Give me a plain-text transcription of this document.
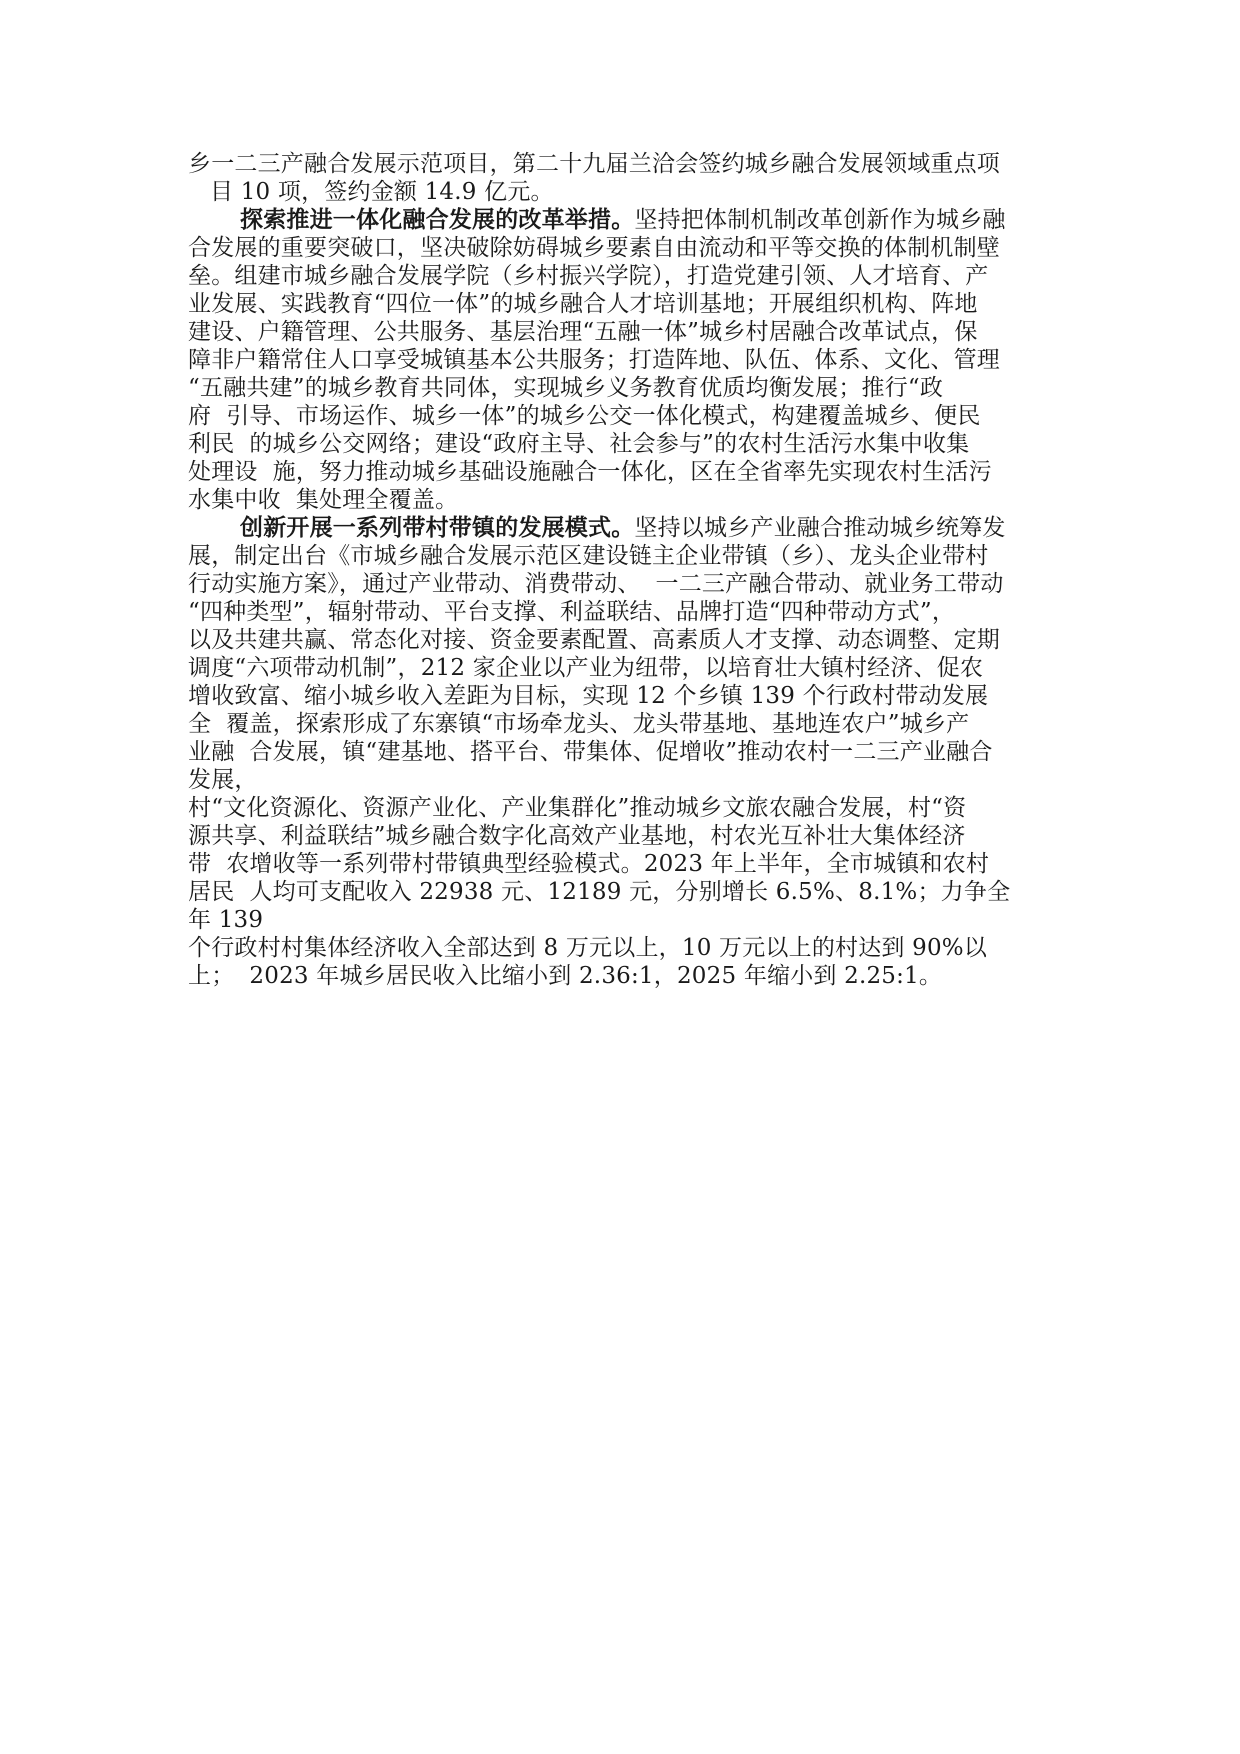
乡一二三产融合发展示范项目，第二十九届兰洽会签约城乡融合发展领域重点项
目 10 项，签约金额 14.9 亿元。
探索推进一体化融合发展的改革举措。坚持把体制机制改革创新作为城乡融
合发展的重要突破口，坚决破除妨碍城乡要素自由流动和平等交换的体制机制壁
垒。组建市城乡融合发展学院（乡村振兴学院），打造党建引领、人才培育、产
业发展、实践教育“四位一体”的城乡融合人才培训基地；开展组织机构、阵地
建设、户籍管理、公共服务、基层治理“五融一体”城乡村居融合改革试点，保
障非户籍常住人口享受城镇基本公共服务；打造阵地、队伍、体系、文化、管理
“五融共建”的城乡教育共同体，实现城乡义务教育优质均衡发展；推行“政
府  引导、市场运作、城乡一体”的城乡公交一体化模式，构建覆盖城乡、便民
利民  的城乡公交网络；建设“政府主导、社会参与”的农村生活污水集中收集
处理设  施，努力推动城乡基础设施融合一体化，区在全省率先实现农村生活污
水集中收  集处理全覆盖。
创新开展一系列带村带镇的发展模式。坚持以城乡产业融合推动城乡统筹发
展，制定出台《市城乡融合发展示范区建设链主企业带镇（乡）、龙头企业带村
行动实施方案》，通过产业带动、消费带动、  一二三产融合带动、就业务工带动
“四种类型”，辐射带动、平台支撑、利益联结、品牌打造“四种带动方式”，
以及共建共赢、常态化对接、资金要素配置、高素质人才支撑、动态调整、定期
调度“六项带动机制”，212 家企业以产业为纽带，以培育壮大镇村经济、促农
增收致富、缩小城乡收入差距为目标，实现 12 个乡镇 139 个行政村带动发展
全  覆盖，探索形成了东寨镇“市场牵龙头、龙头带基地、基地连农户”城乡产
业融  合发展，镇“建基地、搭平台、带集体、促增收”推动农村一二三产业融合
发展，
村“文化资源化、资源产业化、产业集群化”推动城乡文旅农融合发展，村“资
源共享、利益联结”城乡融合数字化高效产业基地，村农光互补壮大集体经济
带  农增收等一系列带村带镇典型经验模式。2023 年上半年，全市城镇和农村
居民  人均可支配收入 22938 元、12189 元，分别增长 6.5%、8.1%；力争全
年 139
个行政村村集体经济收入全部达到 8 万元以上，10 万元以上的村达到 90%以
上；  2023 年城乡居民收入比缩小到 2.36:1，2025 年缩小到 2.25:1。
